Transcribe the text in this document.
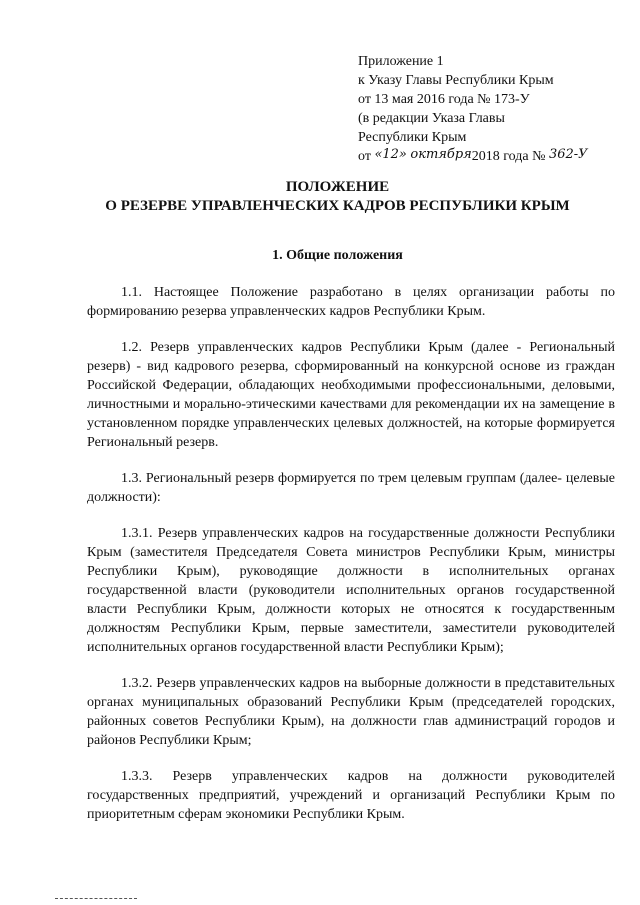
Приложение 1
к Указу Главы Республики Крым
от 13 мая 2016 года № 173-У
(в редакции Указа Главы
Республики Крым
от «12» октября2018 года № 362-У
ПОЛОЖЕНИЕ
О РЕЗЕРВЕ УПРАВЛЕНЧЕСКИХ КАДРОВ РЕСПУБЛИКИ КРЫМ
1. Общие положения

1.1. Настоящее Положение разработано в целях организации работы по формированию резерва управленческих кадров Республики Крым.

1.2. Резерв управленческих кадров Республики Крым (далее - Региональный резерв) - вид кадрового резерва, сформированный на конкурсной основе из граждан Российской Федерации, обладающих необходимыми профессиональными, деловыми, личностными и морально-этическими качествами для рекомендации их на замещение в установленном порядке управленческих целевых должностей, на которые формируется Региональный резерв.

1.3. Региональный резерв формируется по трем целевым группам (далее- целевые должности):

1.3.1. Резерв управленческих кадров на государственные должности Республики Крым (заместителя Председателя Совета министров Республики Крым, министры Республики Крым), руководящие должности в исполнительных органах государственной власти (руководители исполнительных органов государственной власти Республики Крым, должности которых не относятся к государственным должностям Республики Крым, первые заместители, заместители руководителей исполнительных органов государственной власти Республики Крым);

1.3.2. Резерв управленческих кадров на выборные должности в представительных органах муниципальных образований Республики Крым (председателей городских, районных советов Республики Крым), на должности глав администраций городов и районов Республики Крым;

1.3.3. Резерв управленческих кадров на должности руководителей государственных предприятий, учреждений и организаций Республики Крым по приоритетным сферам экономики Республики Крым.
